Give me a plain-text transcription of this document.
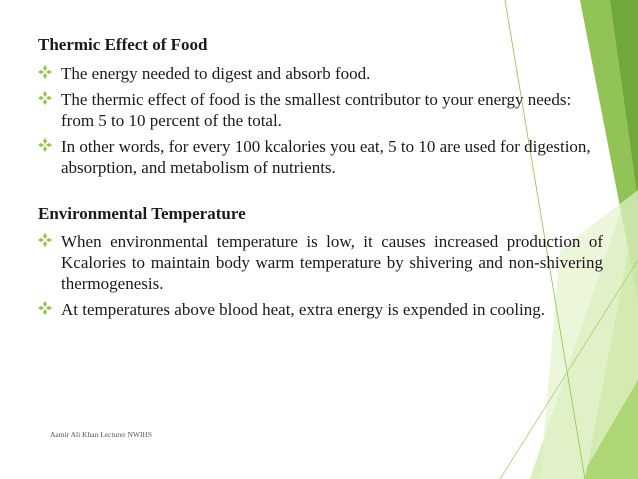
Thermic Effect of Food
The energy needed to digest and absorb food.
The thermic effect of food is the smallest contributor to your energy needs: from 5 to 10 percent of the total.
In other words, for every 100 kcalories you eat, 5 to 10 are used for digestion, absorption, and metabolism of nutrients.
Environmental Temperature
When environmental temperature is low, it causes increased production of Kcalories to maintain body warm temperature by shivering and non-shivering thermogenesis.
At temperatures above blood heat, extra energy is expended in cooling.
Aamir Ali Khan Lecturer NWIHS
